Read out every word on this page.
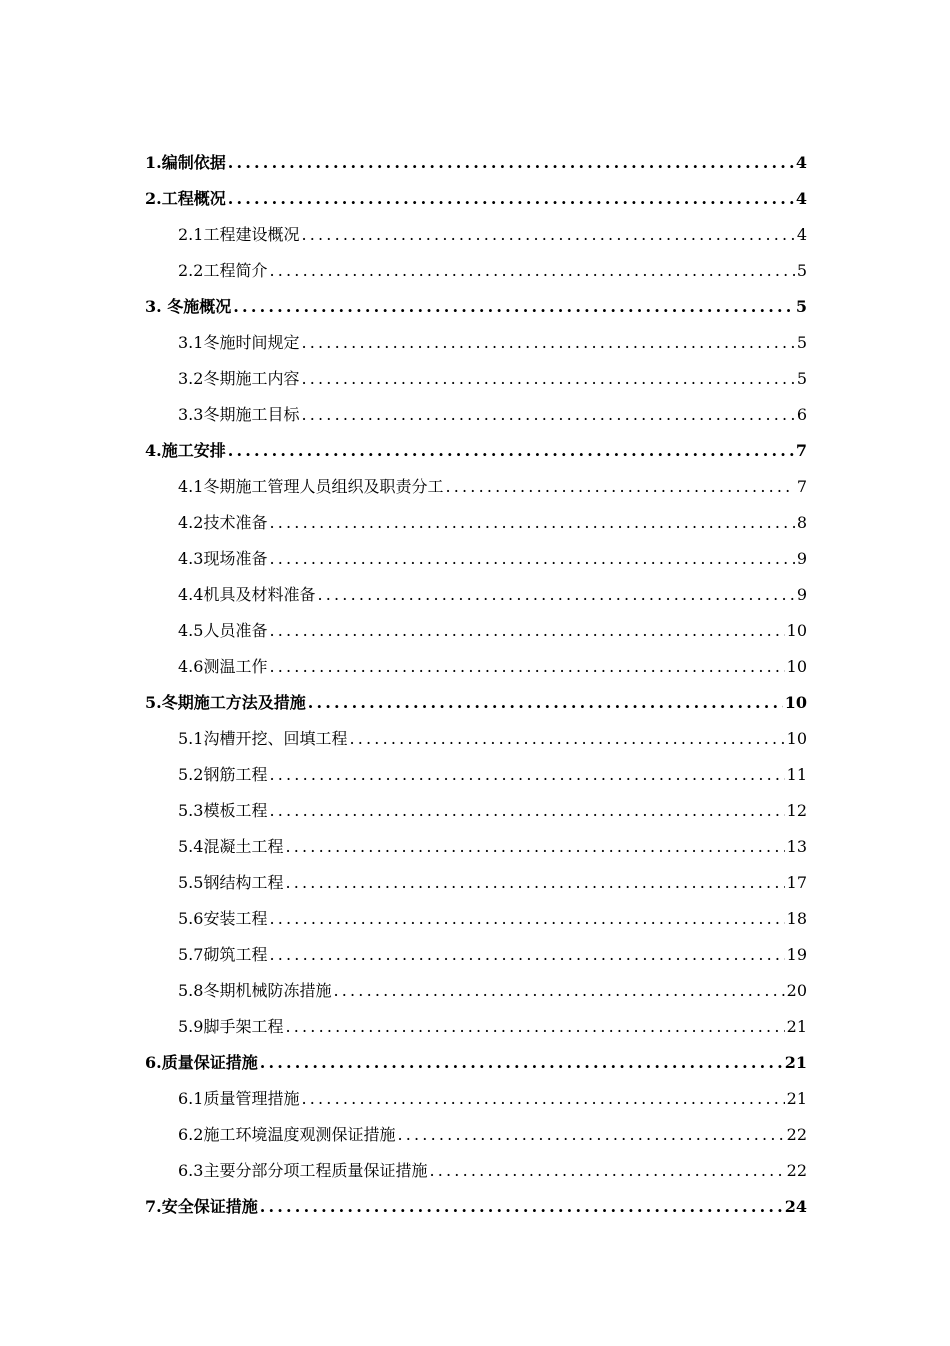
1.编制依据 .....	4
2.工程概况 .....	4
2.1工程建设概况 .....	4
2.2工程简介 .....	5
3. 冬施概况 .....	5
3.1冬施时间规定 .....	5
3.2冬期施工内容 .....	5
3.3冬期施工目标 .....	6
4.施工安排 .....	7
4.1冬期施工管理人员组织及职责分工 .....	7
4.2技术准备 .....	8
4.3现场准备 .....	9
4.4机具及材料准备 .....	9
4.5人员准备 .....	10
4.6测温工作 .....	10
5.冬期施工方法及措施 .....	10
5.1沟槽开挖、回填工程 .....	10
5.2钢筋工程 .....	11
5.3模板工程 .....	12
5.4混凝土工程 .....	13
5.5钢结构工程 .....	17
5.6安装工程 .....	18
5.7砌筑工程 .....	19
5.8冬期机械防冻措施 .....	20
5.9脚手架工程 .....	21
6.质量保证措施 .....	21
6.1质量管理措施 .....	21
6.2施工环境温度观测保证措施 .....	22
6.3主要分部分项工程质量保证措施 .....	22
7.安全保证措施 .....	24
